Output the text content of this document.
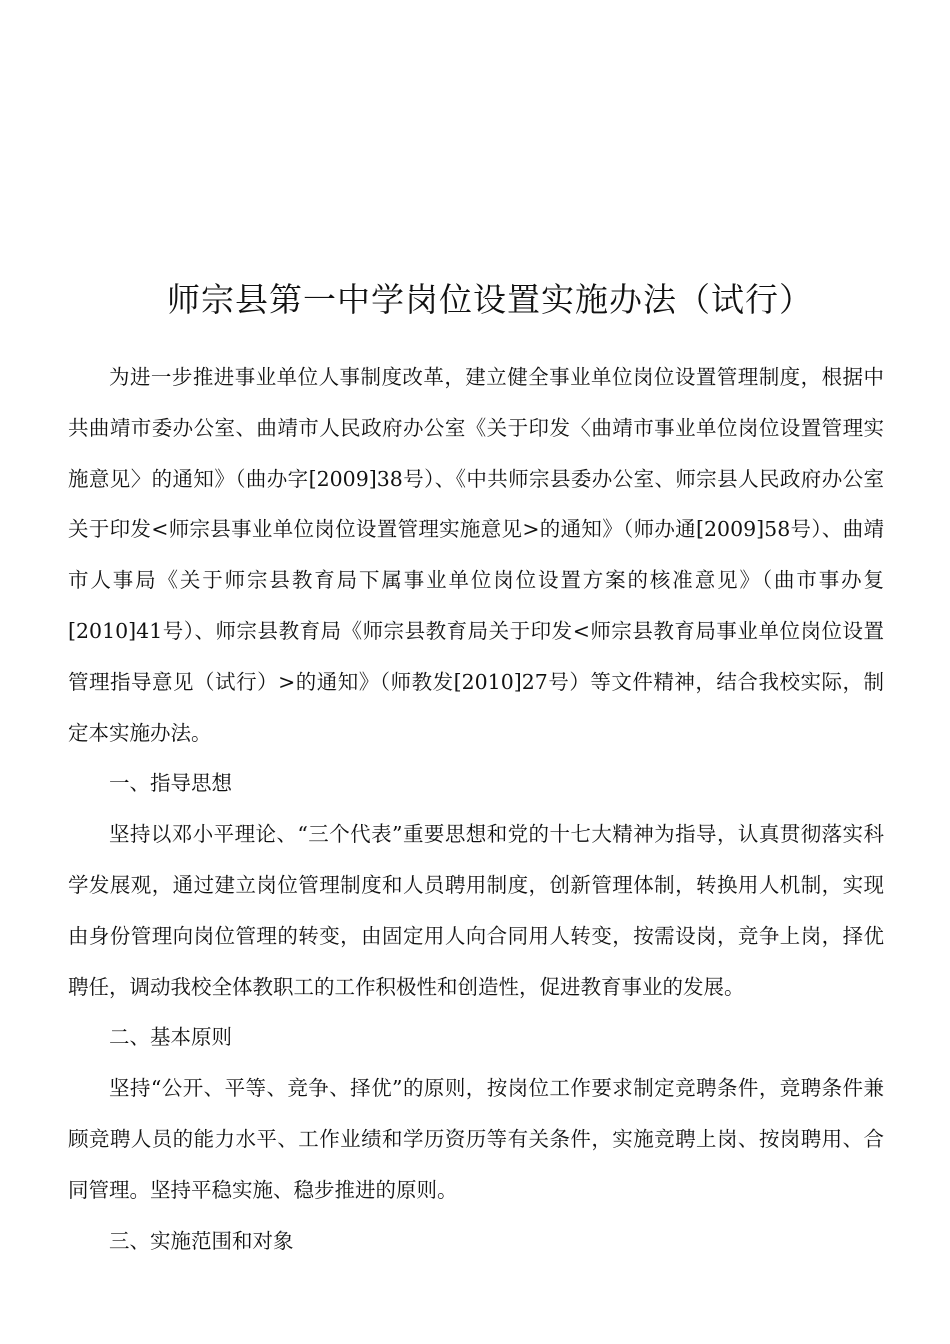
师宗县第一中学岗位设置实施办法（试行）

为进一步推进事业单位人事制度改革，建立健全事业单位岗位设置管理制度，根据中共曲靖市委办公室、曲靖市人民政府办公室《关于印发〈曲靖市事业单位岗位设置管理实施意见〉的通知》（曲办字[2009]38号）、《中共师宗县委办公室、师宗县人民政府办公室关于印发<师宗县事业单位岗位设置管理实施意见>的通知》（师办通[2009]58号）、曲靖市人事局《关于师宗县教育局下属事业单位岗位设置方案的核准意见》（曲市事办复[2010]41号）、师宗县教育局《师宗县教育局关于印发<师宗县教育局事业单位岗位设置管理指导意见（试行）>的通知》（师教发[2010]27号）等文件精神，结合我校实际，制定本实施办法。

一、指导思想

坚持以邓小平理论、“三个代表”重要思想和党的十七大精神为指导，认真贯彻落实科学发展观，通过建立岗位管理制度和人员聘用制度，创新管理体制，转换用人机制，实现由身份管理向岗位管理的转变，由固定用人向合同用人转变，按需设岗，竞争上岗，择优聘任，调动我校全体教职工的工作积极性和创造性，促进教育事业的发展。

二、基本原则

坚持“公开、平等、竞争、择优”的原则，按岗位工作要求制定竞聘条件，竞聘条件兼顾竞聘人员的能力水平、工作业绩和学历资历等有关条件，实施竞聘上岗、按岗聘用、合同管理。坚持平稳实施、稳步推进的原则。

三、实施范围和对象
